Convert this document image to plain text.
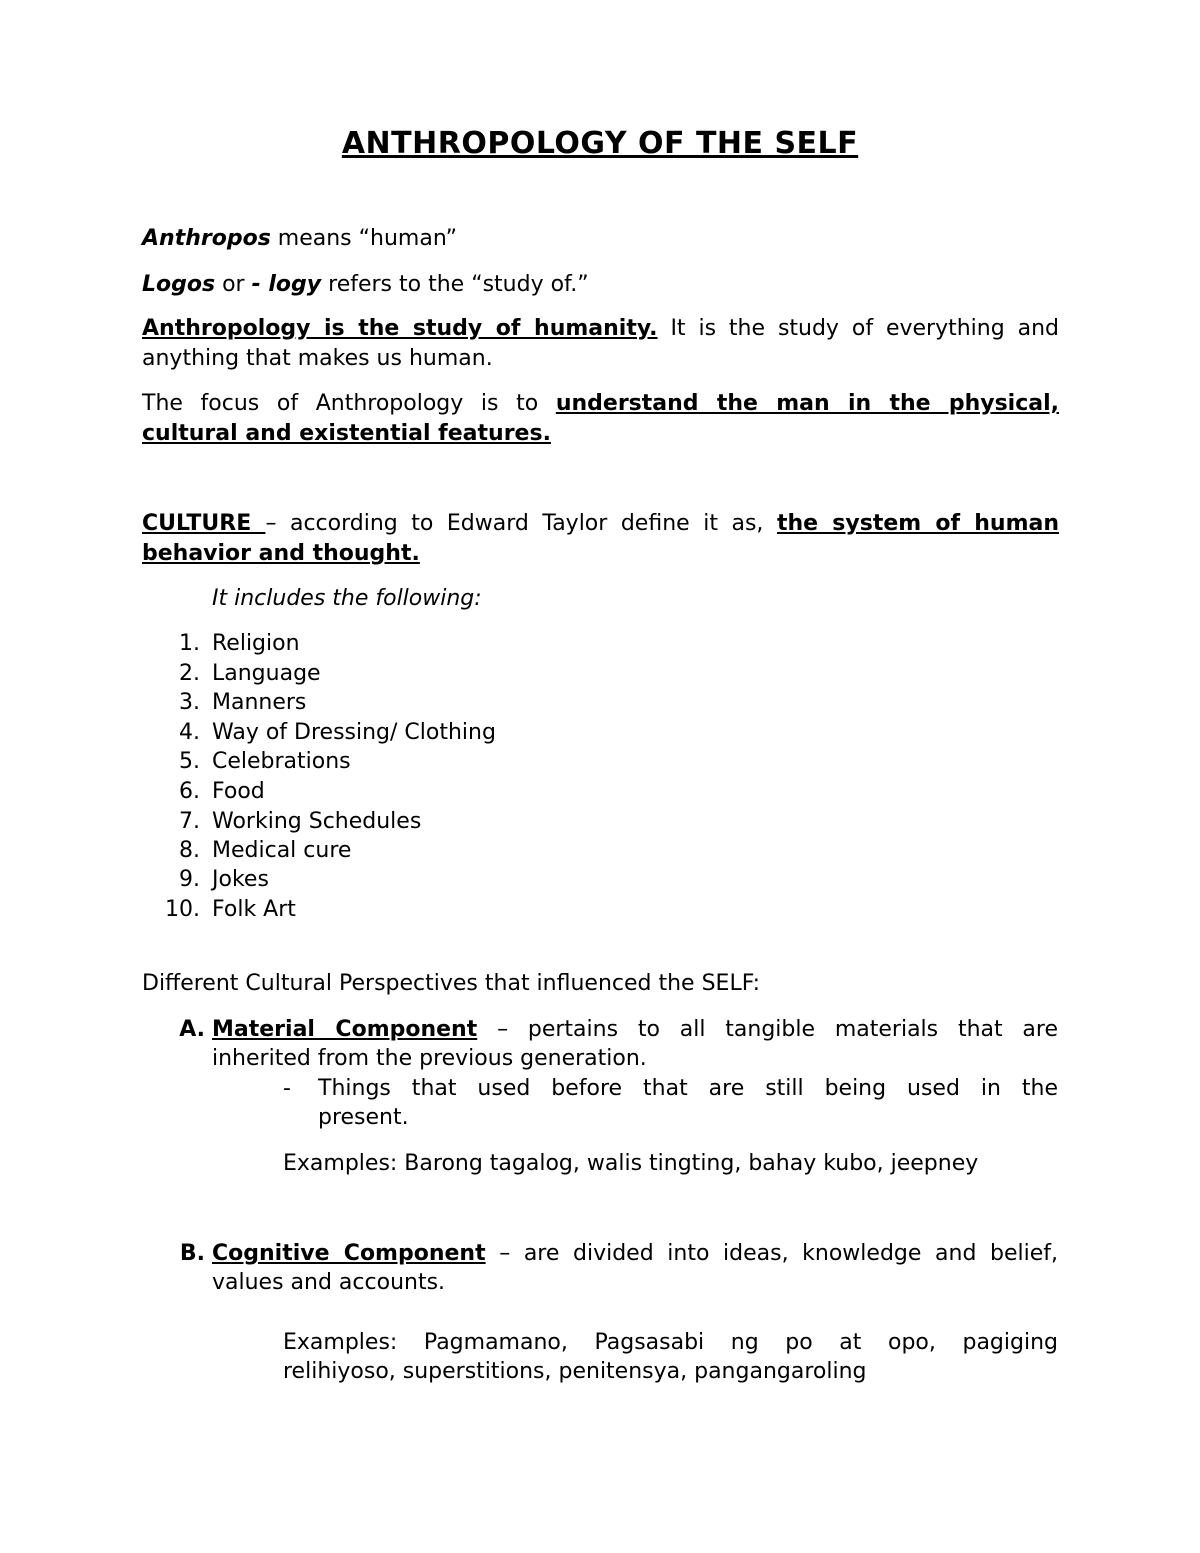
ANTHROPOLOGY OF THE SELF
Anthropos means “human”
Logos or - logy refers to the “study of.”
Anthropology is the study of humanity. It is the study of everything and
anything that makes us human.
The focus of Anthropology is to understand the man in the physical,
cultural and existential features.
CULTURE – according to Edward Taylor define it as, the system of human
behavior and thought.
It includes the following:
1. Religion
2. Language
3. Manners
4. Way of Dressing/ Clothing
5. Celebrations
6. Food
7. Working Schedules
8. Medical cure
9. Jokes
10. Folk Art
Different Cultural Perspectives that influenced the SELF:
A. Material Component – pertains to all tangible materials that are
inherited from the previous generation.
- Things that used before that are still being used in the
present.
Examples: Barong tagalog, walis tingting, bahay kubo, jeepney
B. Cognitive Component – are divided into ideas, knowledge and belief,
values and accounts.
Examples: Pagmamano, Pagsasabi ng po at opo, pagiging
relihiyoso, superstitions, penitensya, pangangaroling
